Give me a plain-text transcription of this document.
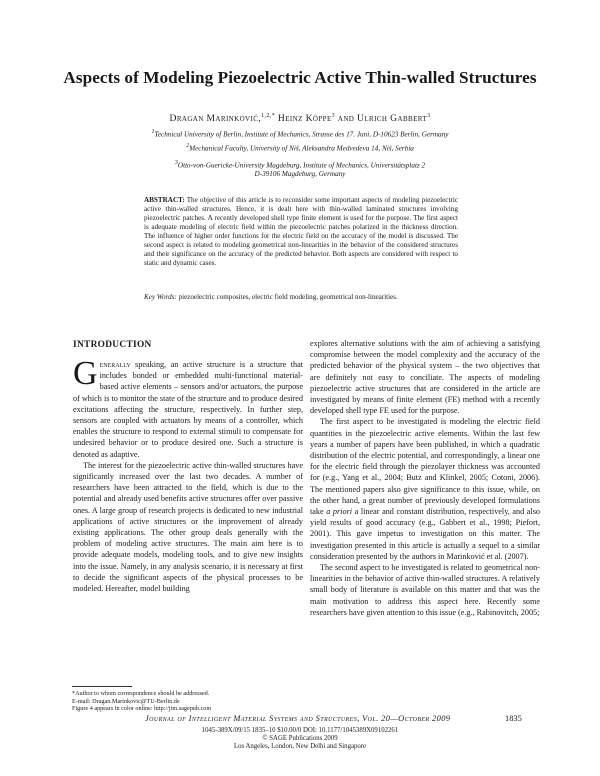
Aspects of Modeling Piezoelectric Active Thin-walled Structures
Dragan Marinković,$^{1,2,*}$ Heinz Köppe$^3$ and Ulrich Gabbert$^3$
$^1$Technical University of Berlin, Institute of Mechanics, Strasse des 17. Juni, D-10623 Berlin, Germany
$^2$Mechanical Faculty, University of Niš, Aleksandra Medvedeva 14, Niš, Serbia
$^3$Otto-von-Guericke-University Magdeburg, Institute of Mechanics, Universitätsplatz 2
D-39106 Magdeburg, Germany
ABSTRACT: The objective of this article is to reconsider some important aspects of modeling piezoelectric active thin-walled structures. Hence, it is dealt here with thin-walled laminated structures involving piezoelectric patches. A recently developed shell type finite element is used for the purpose. The first aspect is adequate modeling of electric field within the piezoelectric patches polarized in the thickness direction. The influence of higher order functions for the electric field on the accuracy of the model is discussed. The second aspect is related to modeling geometrical non-linearities in the behavior of the considered structures and their significance on the accuracy of the predicted behavior. Both aspects are considered with respect to static and dynamic cases.
Key Words: piezoelectric composites, electric field modeling, geometrical non-linearities.
INTRODUCTION

Generally speaking, an active structure is a structure that includes bonded or embedded multi-functional material-based active elements – sensors and/or actuators, the purpose of which is to monitor the state of the structure and to produce desired excitations affecting the structure, respectively. In further step, sensors are coupled with actuators by means of a controller, which enables the structure to respond to external stimuli to compensate for undesired behavior or to produce desired one. Such a structure is denoted as adaptive.

The interest for the piezoelectric active thin-walled structures have significantly increased over the last two decades. A number of researchers have been attracted to the field, which is due to the potential and already used benefits active structures offer over passive ones. A large group of research projects is dedicated to new industrial applications of active structures or the improvement of already existing applications. The other group deals generally with the problem of modeling active structures. The main aim here is to provide adequate models, modeling tools, and to give new insights into the issue. Namely, in any analysis scenario, it is necessary at first to decide the significant aspects of the physical processes to be modeled. Hereafter, model building

explores alternative solutions with the aim of achieving a satisfying compromise between the model complexity and the accuracy of the predicted behavior of the physical system – the two objectives that are definitely not easy to conciliate. The aspects of modeling piezoelectric active structures that are considered in the article are investigated by means of finite element (FE) method with a recently developed shell type FE used for the purpose.

The first aspect to be investigated is modeling the electric field quantities in the piezoelectric active elements. Within the last few years a number of papers have been published, in which a quadratic distribution of the electric potential, and correspondingly, a linear one for the electric field through the piezolayer thickness was accounted for (e.g., Yang et al., 2004; Butz and Klinkel, 2005; Cotoni, 2006). The mentioned papers also give significance to this issue, while, on the other hand, a great number of previously developed formulations take a priori a linear and constant distribution, respectively, and also yield results of good accuracy (e.g., Gabbert et al., 1998; Piefort, 2001). This gave impetus to investigation on this matter. The investigation presented in this article is actually a sequel to a similar consideration presented by the authors in Marinković et al. (2007).

The second aspect to be investigated is related to geometrical non-linearities in the behavior of active thin-walled structures. A relatively small body of literature is available on this matter and that was the main motivation to address this aspect here. Recently some researchers have given attention to this issue (e.g., Rabinovitch, 2005;

Journal of Intelligent Material Systems and Structures, Vol. 20—October 2009	1835
1045-389X/09/15 1835–10 $10.00/0 DOI: 10.1177/1045389X09102261
© SAGE Publications 2009
Los Angeles, London, New Delhi and Singapore
*Author to whom correspondence should be addressed.
E-mail: Dragan.Marinkovic@TU-Berlin.de
Figure 4 appears in color online: http://jim.sagepub.com
